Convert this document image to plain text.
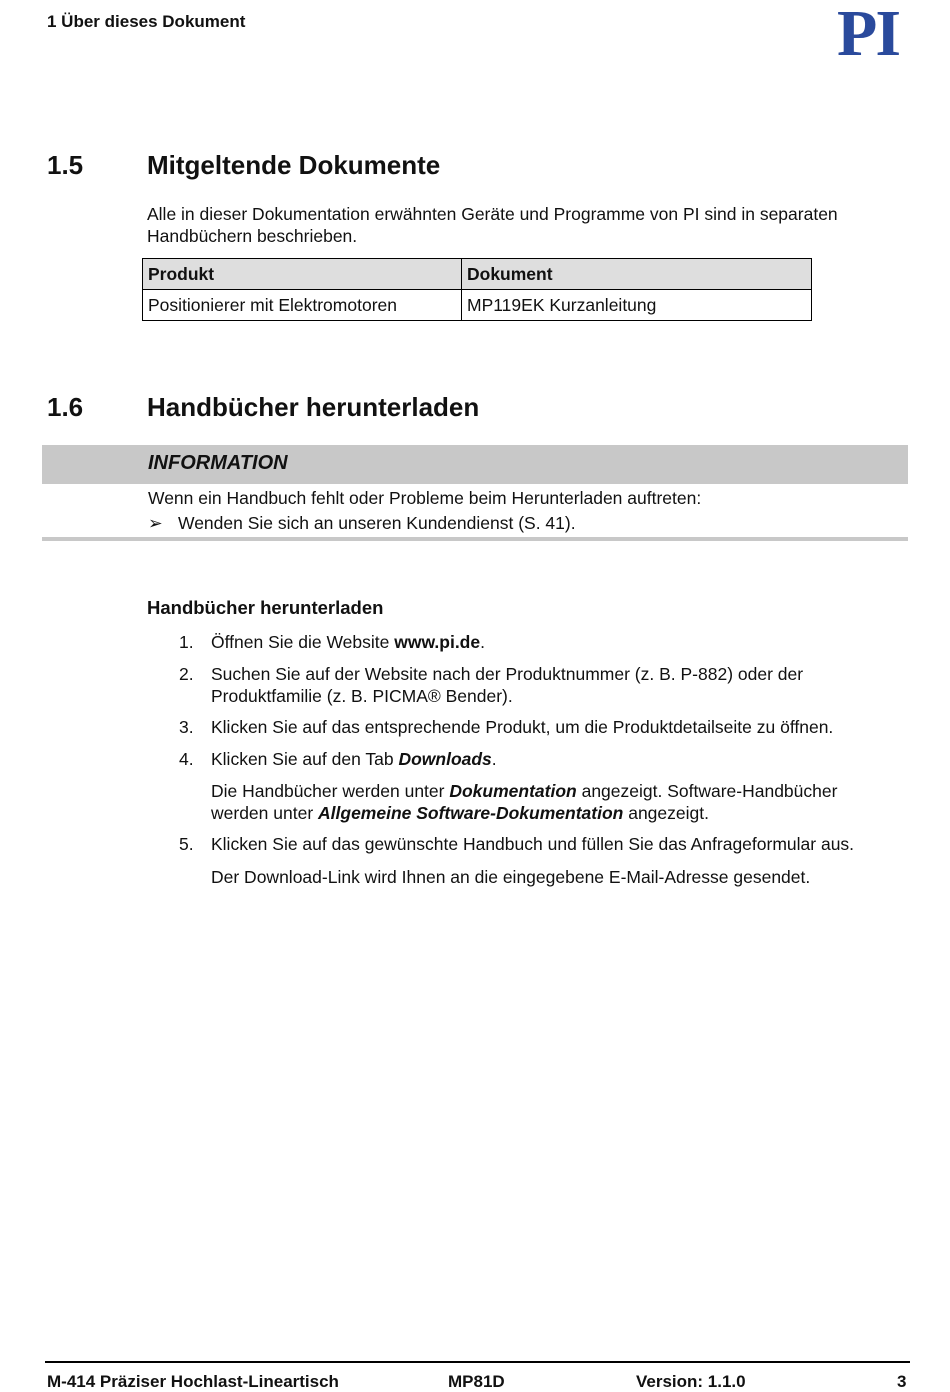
1 Über dieses Dokument	PI
1.5 Mitgeltende Dokumente
Alle in dieser Dokumentation erwähnten Geräte und Programme von PI sind in separaten Handbüchern beschrieben.
Produkt	Dokument
Positionierer mit Elektromotoren	MP119EK Kurzanleitung
1.6 Handbücher herunterladen
INFORMATION
Wenn ein Handbuch fehlt oder Probleme beim Herunterladen auftreten:
➢ Wenden Sie sich an unseren Kundendienst (S. 41).
Handbücher herunterladen
1. Öffnen Sie die Website www.pi.de.
2. Suchen Sie auf der Website nach der Produktnummer (z. B. P-882) oder der Produktfamilie (z. B. PICMA® Bender).
3. Klicken Sie auf das entsprechende Produkt, um die Produktdetailseite zu öffnen.
4. Klicken Sie auf den Tab Downloads.
Die Handbücher werden unter Dokumentation angezeigt. Software-Handbücher werden unter Allgemeine Software-Dokumentation angezeigt.
5. Klicken Sie auf das gewünschte Handbuch und füllen Sie das Anfrageformular aus.
Der Download-Link wird Ihnen an die eingegebene E-Mail-Adresse gesendet.
M-414 Präziser Hochlast-Lineartisch	MP81D	Version: 1.1.0	3
